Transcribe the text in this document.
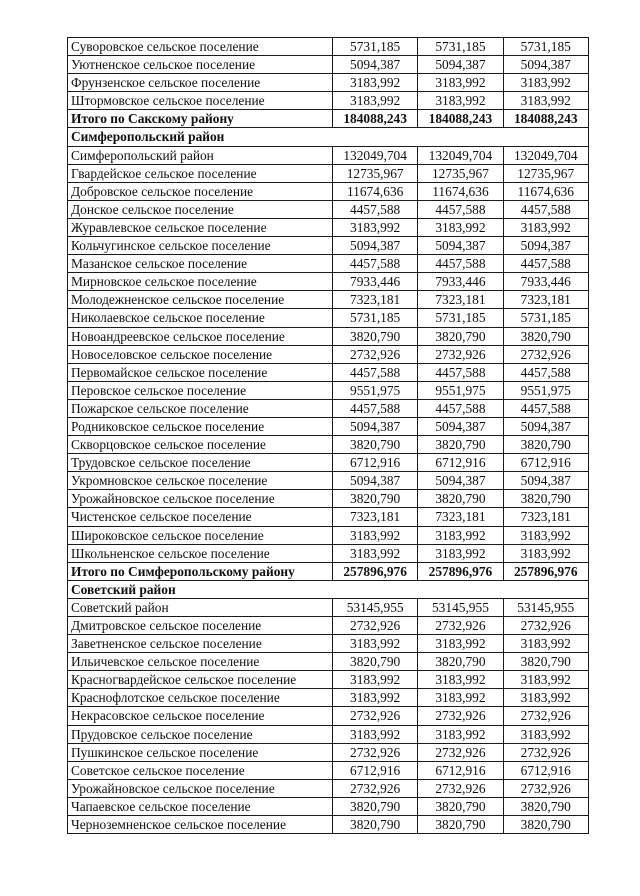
Суворовское сельское поселение	5731,185	5731,185	5731,185
Уютненское сельское поселение	5094,387	5094,387	5094,387
Фрунзенское сельское поселение	3183,992	3183,992	3183,992
Штормовское сельское поселение	3183,992	3183,992	3183,992
Итого по Сакскому району	184088,243	184088,243	184088,243
Симферопольский район			
Симферопольский район	132049,704	132049,704	132049,704
Гвардейское сельское поселение	12735,967	12735,967	12735,967
Добровское сельское поселение	11674,636	11674,636	11674,636
Донское сельское поселение	4457,588	4457,588	4457,588
Журавлевское сельское поселение	3183,992	3183,992	3183,992
Кольчугинское сельское поселение	5094,387	5094,387	5094,387
Мазанское сельское поселение	4457,588	4457,588	4457,588
Мирновское сельское поселение	7933,446	7933,446	7933,446
Молодежненское сельское поселение	7323,181	7323,181	7323,181
Николаевское сельское поселение	5731,185	5731,185	5731,185
Новоандреевское сельское поселение	3820,790	3820,790	3820,790
Новоселовское сельское поселение	2732,926	2732,926	2732,926
Первомайское сельское поселение	4457,588	4457,588	4457,588
Перовское сельское поселение	9551,975	9551,975	9551,975
Пожарское сельское поселение	4457,588	4457,588	4457,588
Родниковское сельское поселение	5094,387	5094,387	5094,387
Скворцовское сельское поселение	3820,790	3820,790	3820,790
Трудовское сельское поселение	6712,916	6712,916	6712,916
Укромновское сельское поселение	5094,387	5094,387	5094,387
Урожайновское сельское поселение	3820,790	3820,790	3820,790
Чистенское сельское поселение	7323,181	7323,181	7323,181
Широковское сельское поселение	3183,992	3183,992	3183,992
Школьненское сельское поселение	3183,992	3183,992	3183,992
Итого по Симферопольскому району	257896,976	257896,976	257896,976
Советский район			
Советский район	53145,955	53145,955	53145,955
Дмитровское сельское поселение	2732,926	2732,926	2732,926
Заветненское сельское поселение	3183,992	3183,992	3183,992
Ильичевское сельское поселение	3820,790	3820,790	3820,790
Красногвардейское сельское поселение	3183,992	3183,992	3183,992
Краснофлотское сельское поселение	3183,992	3183,992	3183,992
Некрасовское сельское поселение	2732,926	2732,926	2732,926
Прудовское сельское поселение	3183,992	3183,992	3183,992
Пушкинское сельское поселение	2732,926	2732,926	2732,926
Советское сельское поселение	6712,916	6712,916	6712,916
Урожайновское сельское поселение	2732,926	2732,926	2732,926
Чапаевское сельское поселение	3820,790	3820,790	3820,790
Черноземненское сельское поселение	3820,790	3820,790	3820,790
